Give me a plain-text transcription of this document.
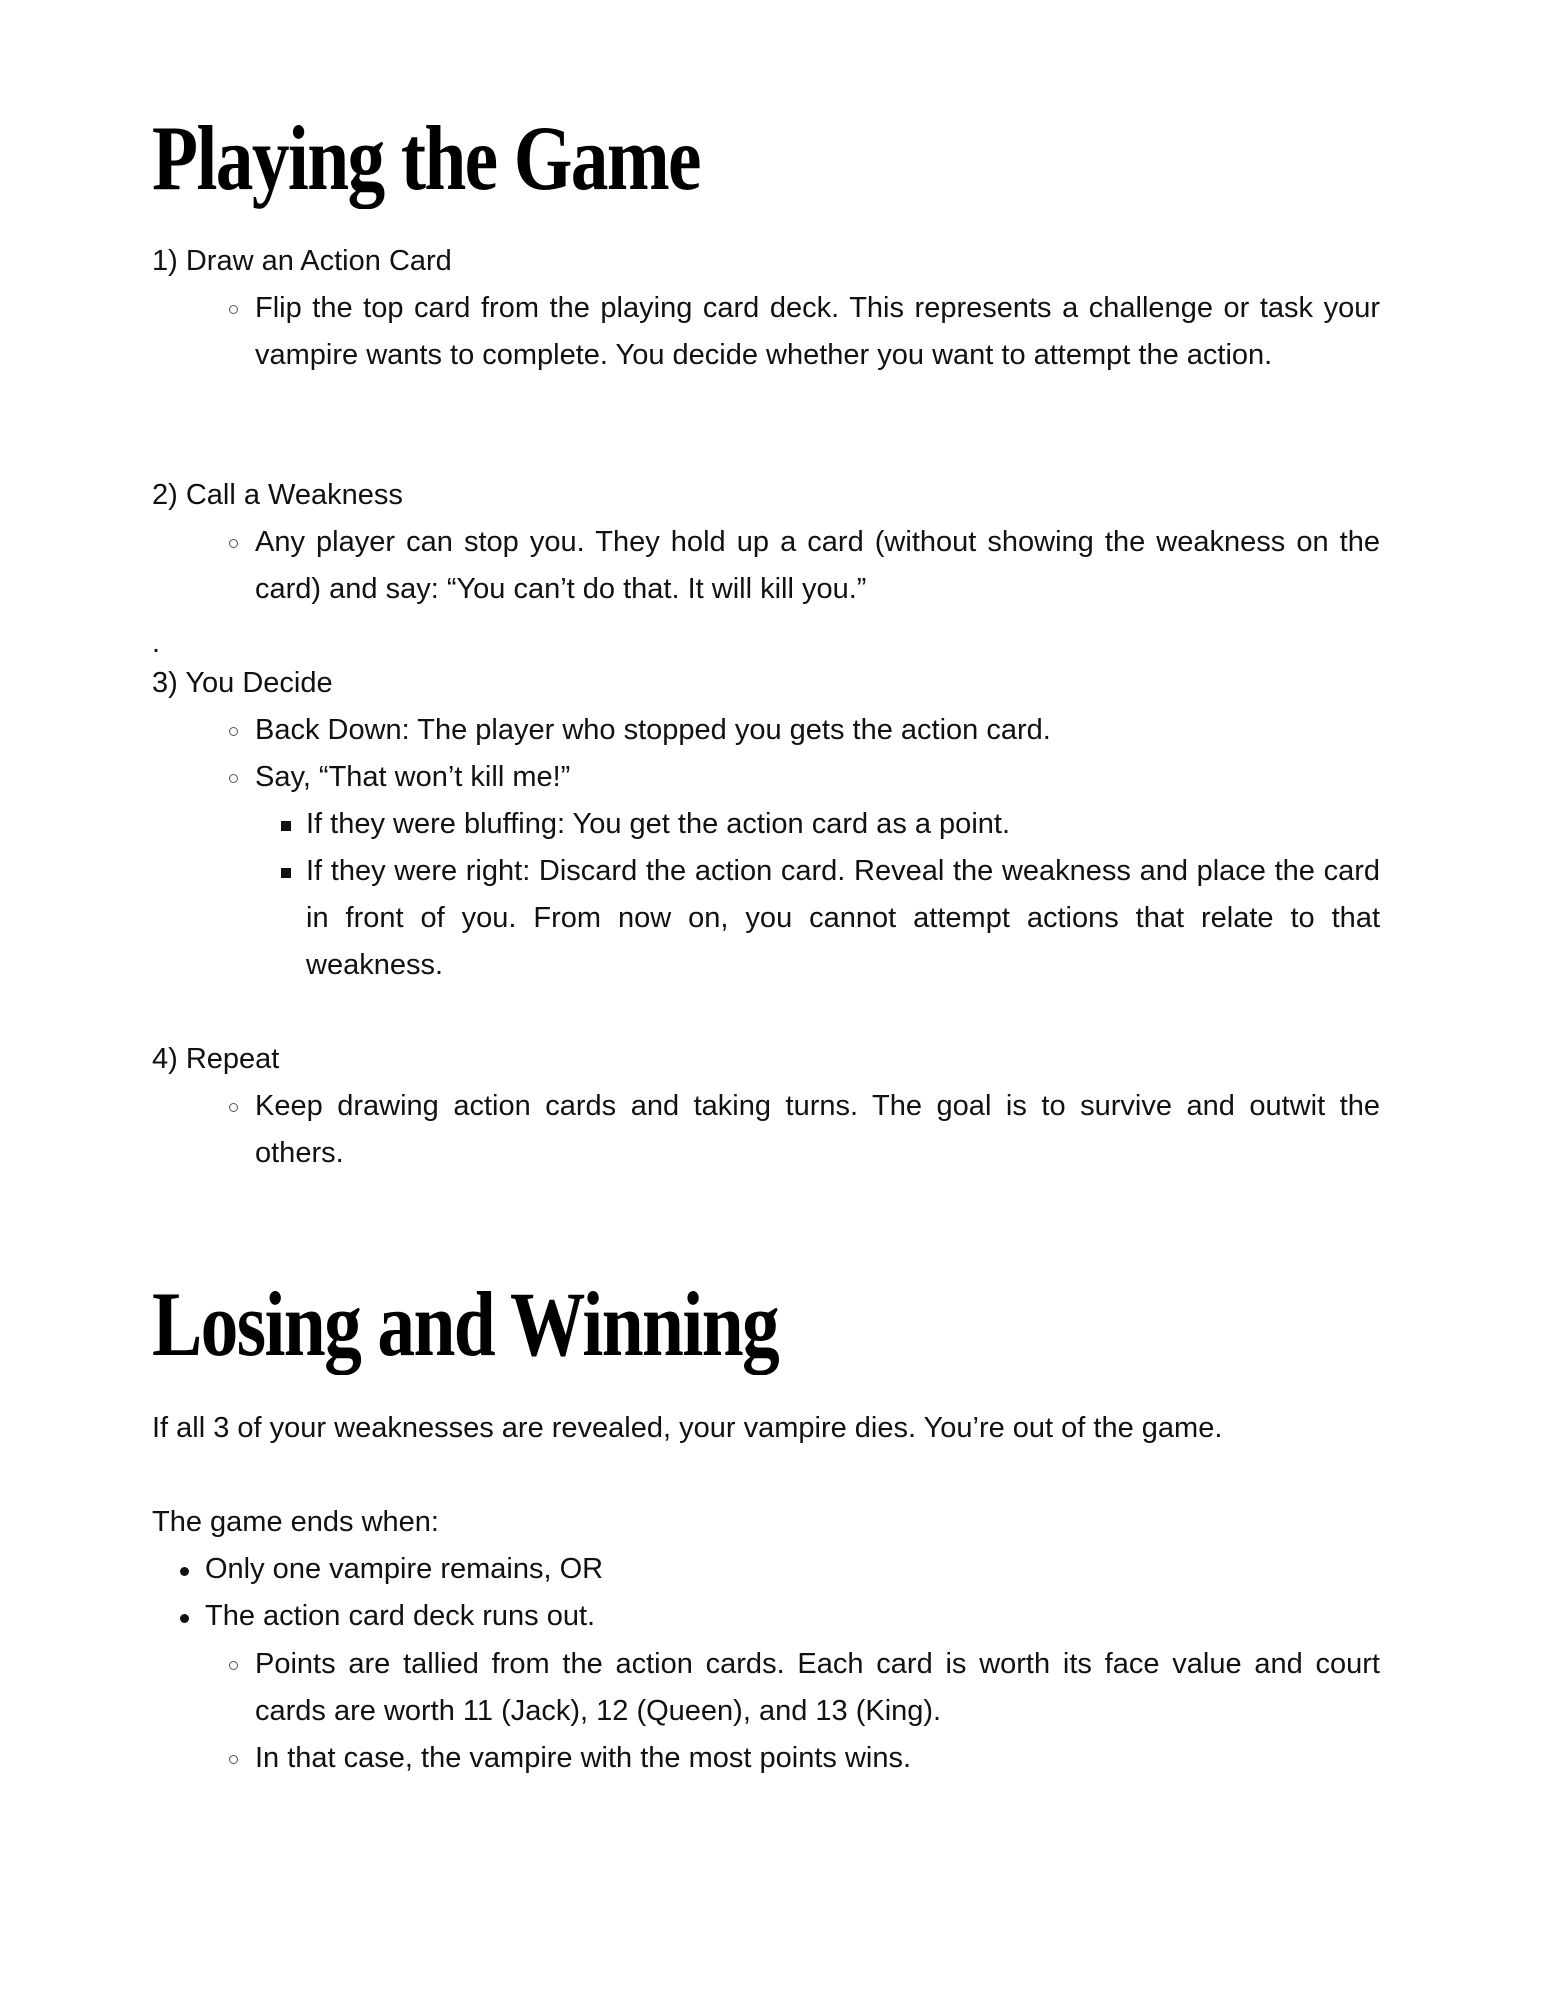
Playing the Game
1) Draw an Action Card
Flip the top card from the playing card deck. This represents a challenge or task your vampire wants to complete. You decide whether you want to attempt the action.
2) Call a Weakness
Any player can stop you. They hold up a card (without showing the weakness on the card) and say: “You can’t do that. It will kill you.”
.
3) You Decide
Back Down: The player who stopped you gets the action card.
Say, “That won’t kill me!”
If they were bluffing: You get the action card as a point.
If they were right: Discard the action card. Reveal the weakness and place the card in front of you. From now on, you cannot attempt actions that relate to that weakness.
4) Repeat
Keep drawing action cards and taking turns. The goal is to survive and outwit the others.
Losing and Winning
If all 3 of your weaknesses are revealed, your vampire dies. You’re out of the game.
The game ends when:
Only one vampire remains, OR
The action card deck runs out.
Points are tallied from the action cards. Each card is worth its face value and court cards are worth 11 (Jack), 12 (Queen), and 13 (King).
In that case, the vampire with the most points wins.
